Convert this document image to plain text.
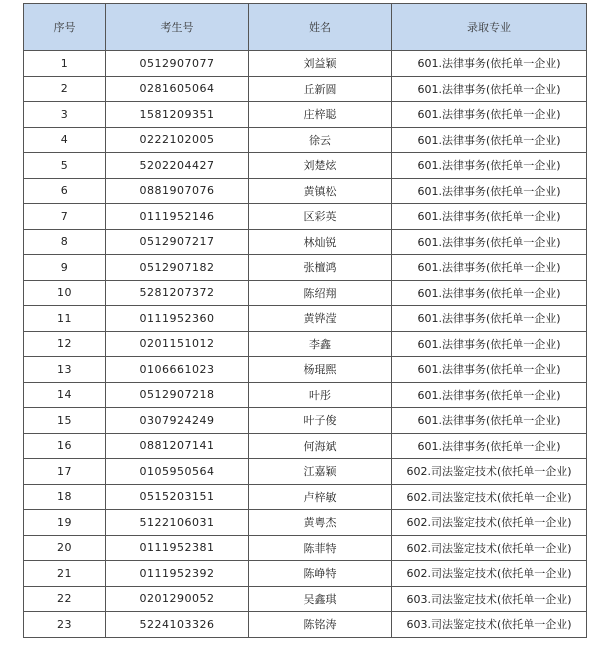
序号	考生号	姓名	录取专业
1	0512907077	刘益颖	601.法律事务(依托单一企业)
2	0281605064	丘新圆	601.法律事务(依托单一企业)
3	1581209351	庄梓聪	601.法律事务(依托单一企业)
4	0222102005	徐云	601.法律事务(依托单一企业)
5	5202204427	刘楚炫	601.法律事务(依托单一企业)
6	0881907076	黄镇松	601.法律事务(依托单一企业)
7	0111952146	区彩英	601.法律事务(依托单一企业)
8	0512907217	林灿锐	601.法律事务(依托单一企业)
9	0512907182	张檀鸿	601.法律事务(依托单一企业)
10	5281207372	陈绍翔	601.法律事务(依托单一企业)
11	0111952360	黄铧滢	601.法律事务(依托单一企业)
12	0201151012	李鑫	601.法律事务(依托单一企业)
13	0106661023	杨琨熙	601.法律事务(依托单一企业)
14	0512907218	叶彤	601.法律事务(依托单一企业)
15	0307924249	叶子俊	601.法律事务(依托单一企业)
16	0881207141	何海斌	601.法律事务(依托单一企业)
17	0105950564	江嘉颖	602.司法鉴定技术(依托单一企业)
18	0515203151	卢梓敏	602.司法鉴定技术(依托单一企业)
19	5122106031	黄粤杰	602.司法鉴定技术(依托单一企业)
20	0111952381	陈菲特	602.司法鉴定技术(依托单一企业)
21	0111952392	陈峥特	602.司法鉴定技术(依托单一企业)
22	0201290052	吴鑫琪	603.司法鉴定技术(依托单一企业)
23	5224103326	陈铭涛	603.司法鉴定技术(依托单一企业)
